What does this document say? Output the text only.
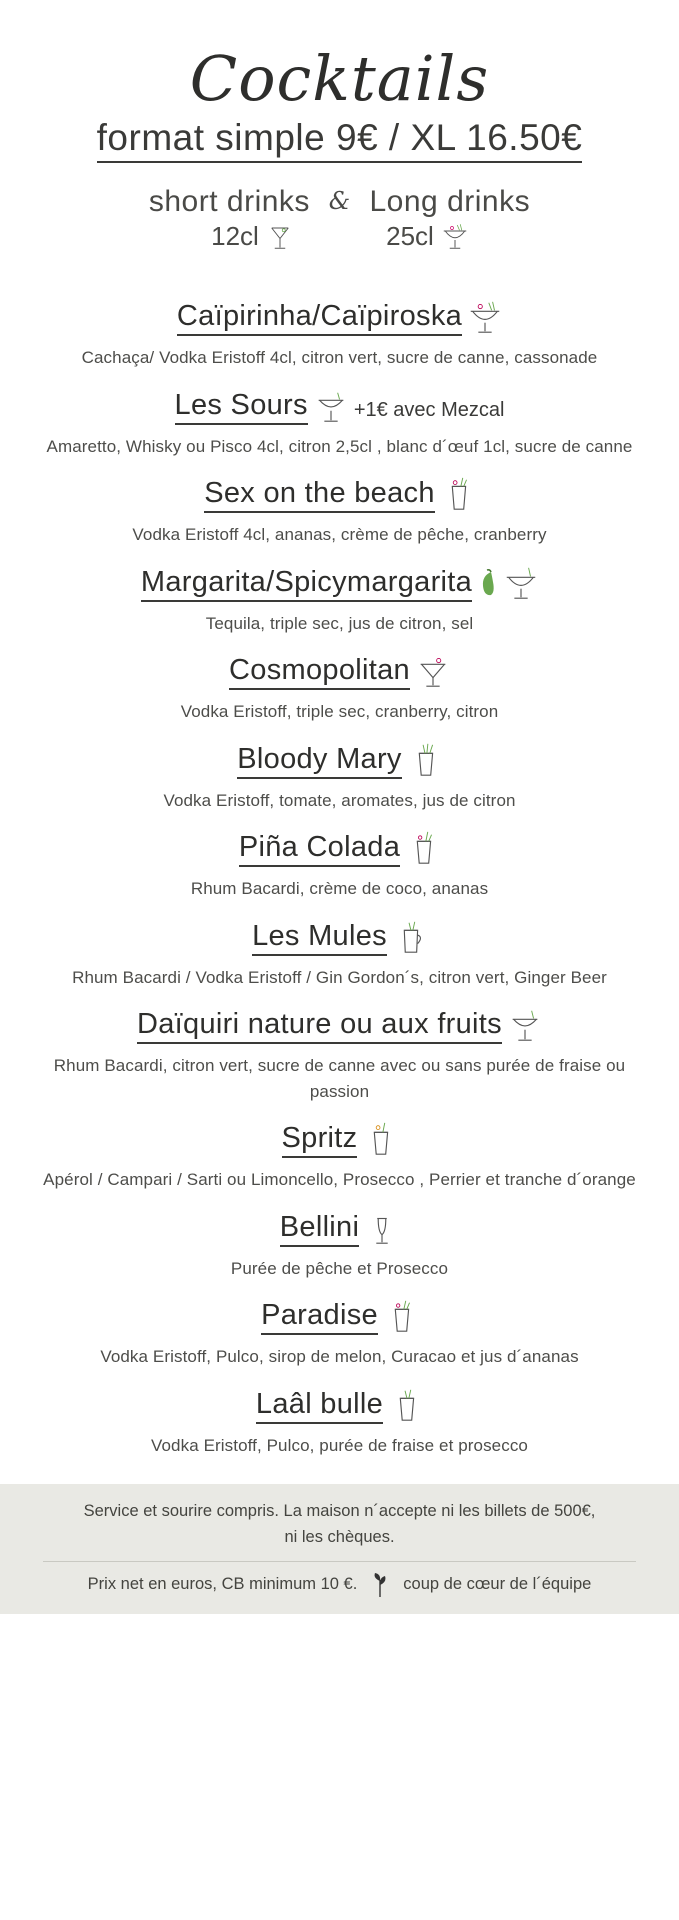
Cocktails
format simple 9€ / XL 16.50€
short drinks & Long drinks
12cl	25cl
Caïpirinha/Caïpiroska
Cachaça/ Vodka Eristoff 4cl, citron vert, sucre de canne, cassonade
Les Sours +1€ avec Mezcal
Amaretto, Whisky ou Pisco 4cl, citron 2,5cl , blanc d´œuf 1cl, sucre de canne
Sex on the beach
Vodka Eristoff 4cl, ananas, crème de pêche, cranberry
Margarita/Spicymargarita
Tequila, triple sec, jus de citron, sel
Cosmopolitan
Vodka Eristoff, triple sec, cranberry, citron
Bloody Mary
Vodka Eristoff, tomate, aromates, jus de citron
Piña Colada
Rhum Bacardi, crème de coco, ananas
Les Mules
Rhum Bacardi / Vodka Eristoff / Gin Gordon´s, citron vert, Ginger Beer
Daïquiri nature ou aux fruits
Rhum Bacardi, citron vert, sucre de canne avec ou sans purée de fraise ou passion
Spritz
Apérol / Campari / Sarti ou Limoncello, Prosecco , Perrier et tranche d´orange
Bellini
Purée de pêche et Prosecco
Paradise
Vodka Eristoff, Pulco, sirop de melon, Curacao et jus d´ananas
Laâl bulle
Vodka Eristoff, Pulco, purée de fraise et prosecco
Service et sourire compris. La maison n´accepte ni les billets de 500€,
ni les chèques.
Prix net en euros, CB minimum 10 €.	coup de cœur de l´équipe
